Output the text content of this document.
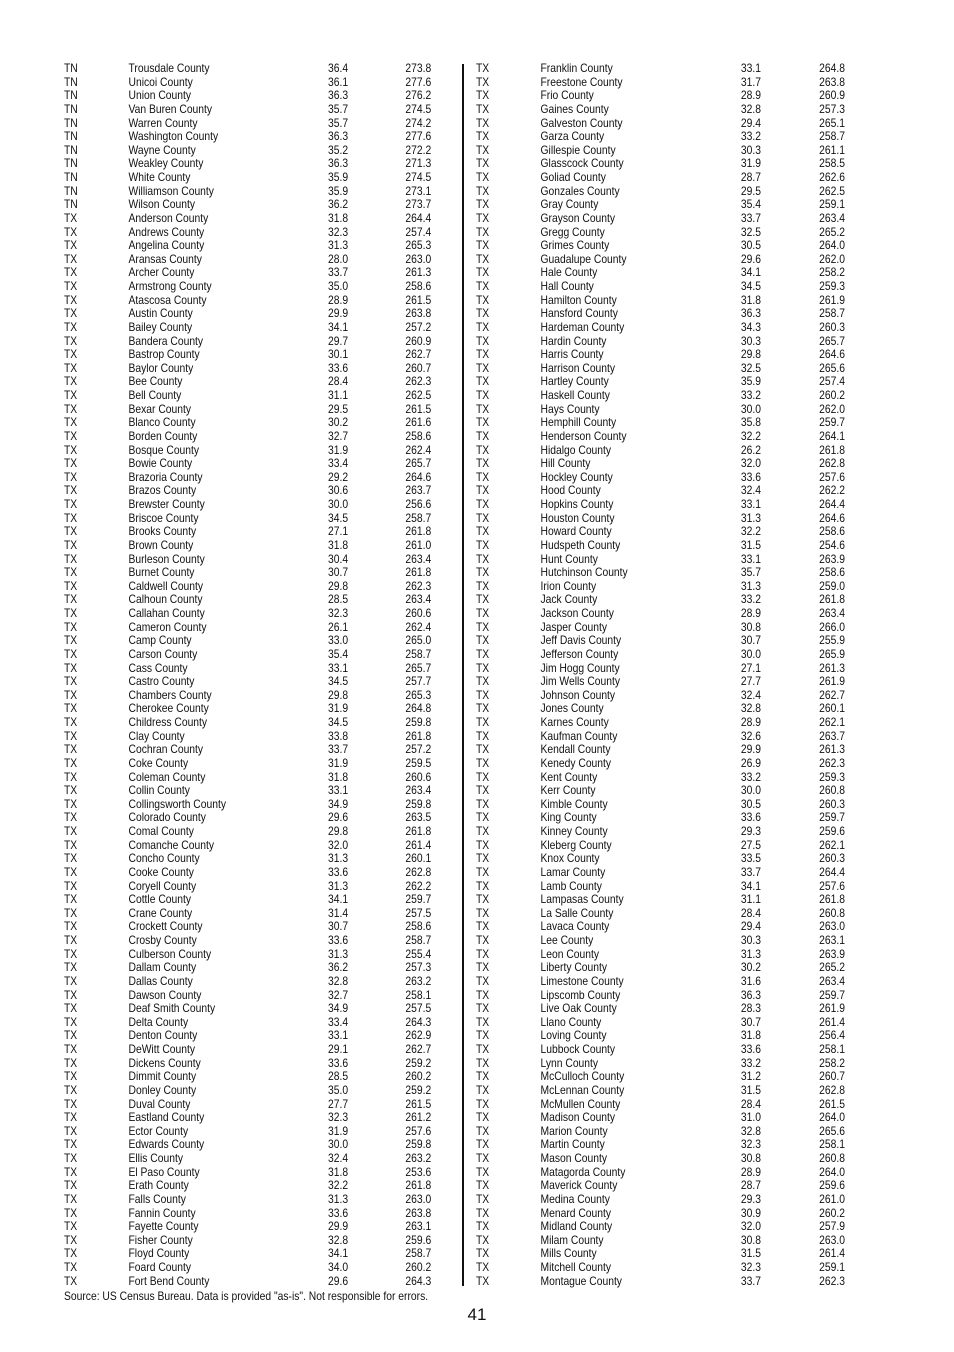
TN	Trousdale County	36.4	273.8
TN	Unicoi County	36.1	277.6
TN	Union County	36.3	276.2
TN	Van Buren County	35.7	274.5
TN	Warren County	35.7	274.2
TN	Washington County	36.3	277.6
TN	Wayne County	35.2	272.2
TN	Weakley County	36.3	271.3
TN	White County	35.9	274.5
TN	Williamson County	35.9	273.1
TN	Wilson County	36.2	273.7
TX	Anderson County	31.8	264.4
TX	Andrews County	32.3	257.4
TX	Angelina County	31.3	265.3
TX	Aransas County	28.0	263.0
TX	Archer County	33.7	261.3
TX	Armstrong County	35.0	258.6
TX	Atascosa County	28.9	261.5
TX	Austin County	29.9	263.8
TX	Bailey County	34.1	257.2
TX	Bandera County	29.7	260.9
TX	Bastrop County	30.1	262.7
TX	Baylor County	33.6	260.7
TX	Bee County	28.4	262.3
TX	Bell County	31.1	262.5
TX	Bexar County	29.5	261.5
TX	Blanco County	30.2	261.6
TX	Borden County	32.7	258.6
TX	Bosque County	31.9	262.4
TX	Bowie County	33.4	265.7
TX	Brazoria County	29.2	264.6
TX	Brazos County	30.6	263.7
TX	Brewster County	30.0	256.6
TX	Briscoe County	34.5	258.7
TX	Brooks County	27.1	261.8
TX	Brown County	31.8	261.0
TX	Burleson County	30.4	263.4
TX	Burnet County	30.7	261.8
TX	Caldwell County	29.8	262.3
TX	Calhoun County	28.5	263.4
TX	Callahan County	32.3	260.6
TX	Cameron County	26.1	262.4
TX	Camp County	33.0	265.0
TX	Carson County	35.4	258.7
TX	Cass County	33.1	265.7
TX	Castro County	34.5	257.7
TX	Chambers County	29.8	265.3
TX	Cherokee County	31.9	264.8
TX	Childress County	34.5	259.8
TX	Clay County	33.8	261.8
TX	Cochran County	33.7	257.2
TX	Coke County	31.9	259.5
TX	Coleman County	31.8	260.6
TX	Collin County	33.1	263.4
TX	Collingsworth County	34.9	259.8
TX	Colorado County	29.6	263.5
TX	Comal County	29.8	261.8
TX	Comanche County	32.0	261.4
TX	Concho County	31.3	260.1
TX	Cooke County	33.6	262.8
TX	Coryell County	31.3	262.2
TX	Cottle County	34.1	259.7
TX	Crane County	31.4	257.5
TX	Crockett County	30.7	258.6
TX	Crosby County	33.6	258.7
TX	Culberson County	31.3	255.4
TX	Dallam County	36.2	257.3
TX	Dallas County	32.8	263.2
TX	Dawson County	32.7	258.1
TX	Deaf Smith County	34.9	257.5
TX	Delta County	33.4	264.3
TX	Denton County	33.1	262.9
TX	DeWitt County	29.1	262.7
TX	Dickens County	33.6	259.2
TX	Dimmit County	28.5	260.2
TX	Donley County	35.0	259.2
TX	Duval County	27.7	261.5
TX	Eastland County	32.3	261.2
TX	Ector County	31.9	257.6
TX	Edwards County	30.0	259.8
TX	Ellis County	32.4	263.2
TX	El Paso County	31.8	253.6
TX	Erath County	32.2	261.8
TX	Falls County	31.3	263.0
TX	Fannin County	33.6	263.8
TX	Fayette County	29.9	263.1
TX	Fisher County	32.8	259.6
TX	Floyd County	34.1	258.7
TX	Foard County	34.0	260.2
TX	Fort Bend County	29.6	264.3
TX	Franklin County	33.1	264.8
TX	Freestone County	31.7	263.8
TX	Frio County	28.9	260.9
TX	Gaines County	32.8	257.3
TX	Galveston County	29.4	265.1
TX	Garza County	33.2	258.7
TX	Gillespie County	30.3	261.1
TX	Glasscock County	31.9	258.5
TX	Goliad County	28.7	262.6
TX	Gonzales County	29.5	262.5
TX	Gray County	35.4	259.1
TX	Grayson County	33.7	263.4
TX	Gregg County	32.5	265.2
TX	Grimes County	30.5	264.0
TX	Guadalupe County	29.6	262.0
TX	Hale County	34.1	258.2
TX	Hall County	34.5	259.3
TX	Hamilton County	31.8	261.9
TX	Hansford County	36.3	258.7
TX	Hardeman County	34.3	260.3
TX	Hardin County	30.3	265.7
TX	Harris County	29.8	264.6
TX	Harrison County	32.5	265.6
TX	Hartley County	35.9	257.4
TX	Haskell County	33.2	260.2
TX	Hays County	30.0	262.0
TX	Hemphill County	35.8	259.7
TX	Henderson County	32.2	264.1
TX	Hidalgo County	26.2	261.8
TX	Hill County	32.0	262.8
TX	Hockley County	33.6	257.6
TX	Hood County	32.4	262.2
TX	Hopkins County	33.1	264.4
TX	Houston County	31.3	264.6
TX	Howard County	32.2	258.6
TX	Hudspeth County	31.5	254.6
TX	Hunt County	33.1	263.9
TX	Hutchinson County	35.7	258.6
TX	Irion County	31.3	259.0
TX	Jack County	33.2	261.8
TX	Jackson County	28.9	263.4
TX	Jasper County	30.8	266.0
TX	Jeff Davis County	30.7	255.9
TX	Jefferson County	30.0	265.9
TX	Jim Hogg County	27.1	261.3
TX	Jim Wells County	27.7	261.9
TX	Johnson County	32.4	262.7
TX	Jones County	32.8	260.1
TX	Karnes County	28.9	262.1
TX	Kaufman County	32.6	263.7
TX	Kendall County	29.9	261.3
TX	Kenedy County	26.9	262.3
TX	Kent County	33.2	259.3
TX	Kerr County	30.0	260.8
TX	Kimble County	30.5	260.3
TX	King County	33.6	259.7
TX	Kinney County	29.3	259.6
TX	Kleberg County	27.5	262.1
TX	Knox County	33.5	260.3
TX	Lamar County	33.7	264.4
TX	Lamb County	34.1	257.6
TX	Lampasas County	31.1	261.8
TX	La Salle County	28.4	260.8
TX	Lavaca County	29.4	263.0
TX	Lee County	30.3	263.1
TX	Leon County	31.3	263.9
TX	Liberty County	30.2	265.2
TX	Limestone County	31.6	263.4
TX	Lipscomb County	36.3	259.7
TX	Live Oak County	28.3	261.9
TX	Llano County	30.7	261.4
TX	Loving County	31.8	256.4
TX	Lubbock County	33.6	258.1
TX	Lynn County	33.2	258.2
TX	McCulloch County	31.2	260.7
TX	McLennan County	31.5	262.8
TX	McMullen County	28.4	261.5
TX	Madison County	31.0	264.0
TX	Marion County	32.8	265.6
TX	Martin County	32.3	258.1
TX	Mason County	30.8	260.8
TX	Matagorda County	28.9	264.0
TX	Maverick County	28.7	259.6
TX	Medina County	29.3	261.0
TX	Menard County	30.9	260.2
TX	Midland County	32.0	257.9
TX	Milam County	30.8	263.0
TX	Mills County	31.5	261.4
TX	Mitchell County	32.3	259.1
TX	Montague County	33.7	262.3
Source: US Census Bureau. Data is provided "as-is". Not responsible for errors.
41
